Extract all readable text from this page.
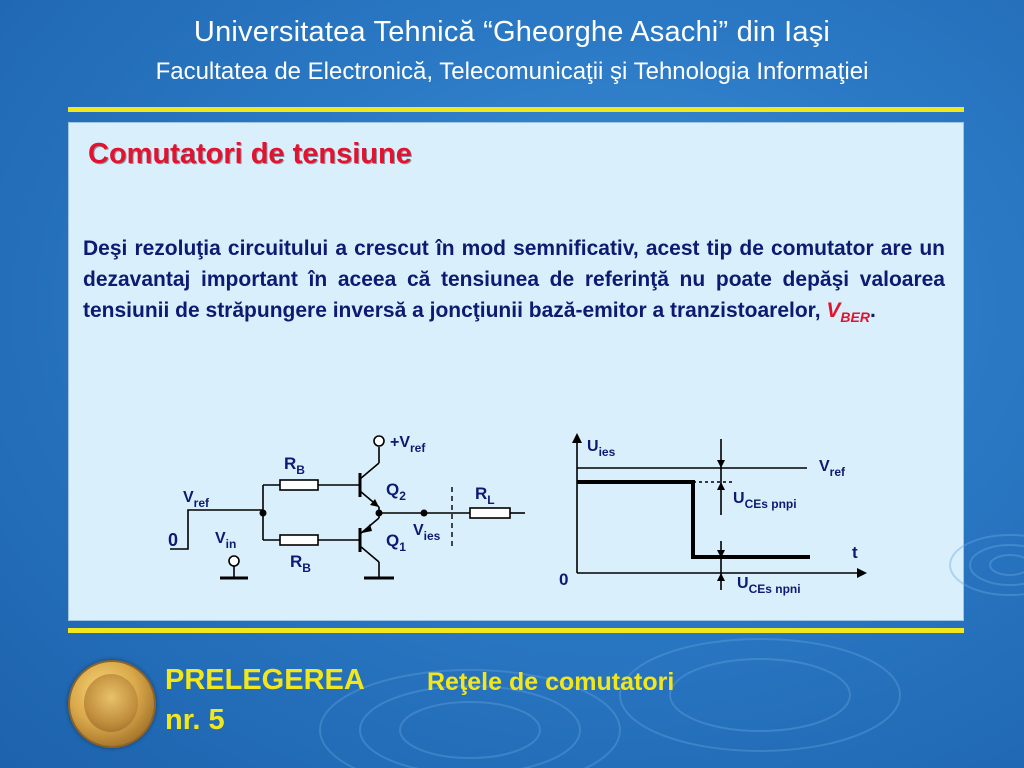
Universitatea Tehnică “Gheorghe Asachi” din Iaşi
Facultatea de Electronică, Telecomunicaţii şi Tehnologia Informaţiei
Comutatori de tensiune
Deşi rezoluţia circuitului a crescut în mod semnificativ, acest tip de comutator are un dezavantaj important în aceea că tensiunea de referinţă nu poate depăşi valoarea tensiunii de străpungere inversă a joncţiunii bază-emitor a tranzistoarelor, $V_{BER}$.
$+V_{ref}$
$R_B$
$Q_2$	$R_L$
$V_{ref}$
0 $V_{in}$	$Q_1$
$V_{ies}$
$R_B$
$U_{ies}$
$V_{ref}$
$U_{CEs pnpi}$
t
0	$U_{CEs npni}$
PRELEGEREA
nr. 5
Reţele de comutatori
